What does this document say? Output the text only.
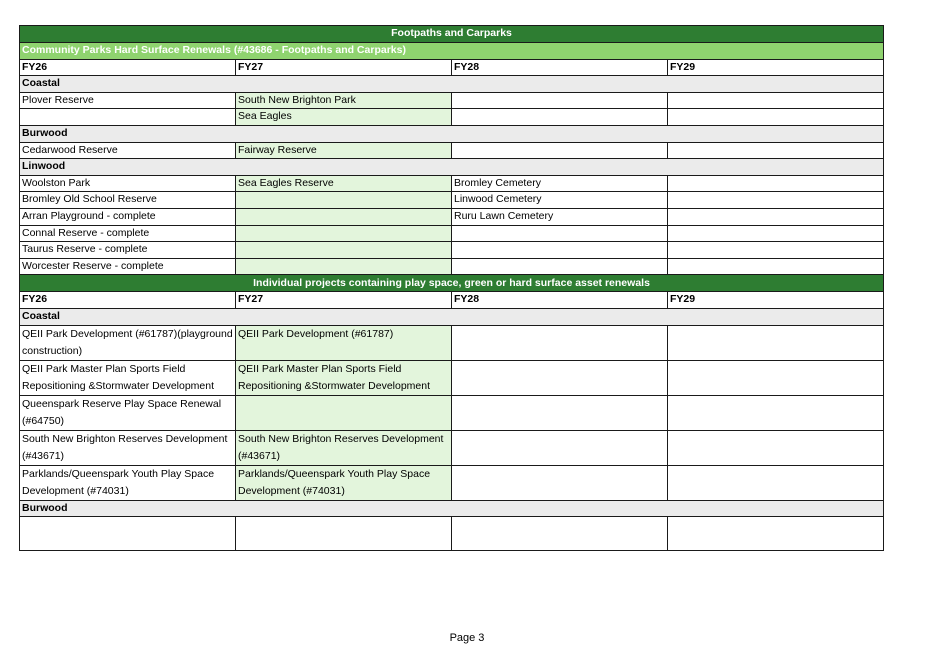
Footpaths and Carparks			
Community Parks Hard Surface Renewals (#43686 - Footpaths and Carparks)			
FY26	FY27	FY28	FY29
Coastal			
Plover Reserve	South New Brighton Park		
	Sea Eagles		
Burwood			
Cedarwood Reserve	Fairway Reserve		
Linwood			
Woolston Park	Sea Eagles Reserve	Bromley Cemetery	
Bromley Old School Reserve		Linwood Cemetery	
Arran Playground - complete		Ruru Lawn Cemetery	
Connal Reserve - complete			
Taurus Reserve - complete			
Worcester Reserve - complete			
Individual projects containing play space, green or hard surface asset renewals			
FY26	FY27	FY28	FY29
Coastal			
QEII Park Development (#61787)(playground construction)	QEII Park Development (#61787)		
QEII Park Master Plan Sports Field Repositioning &Stormwater Development	QEII Park Master Plan Sports Field Repositioning &Stormwater Development		
Queenspark Reserve Play Space Renewal (#64750)			
South New Brighton Reserves Development (#43671)	South New Brighton Reserves Development (#43671)		
Parklands/Queenspark Youth Play Space Development (#74031)	Parklands/Queenspark Youth Play Space Development (#74031)		
Burwood			

Page 3
